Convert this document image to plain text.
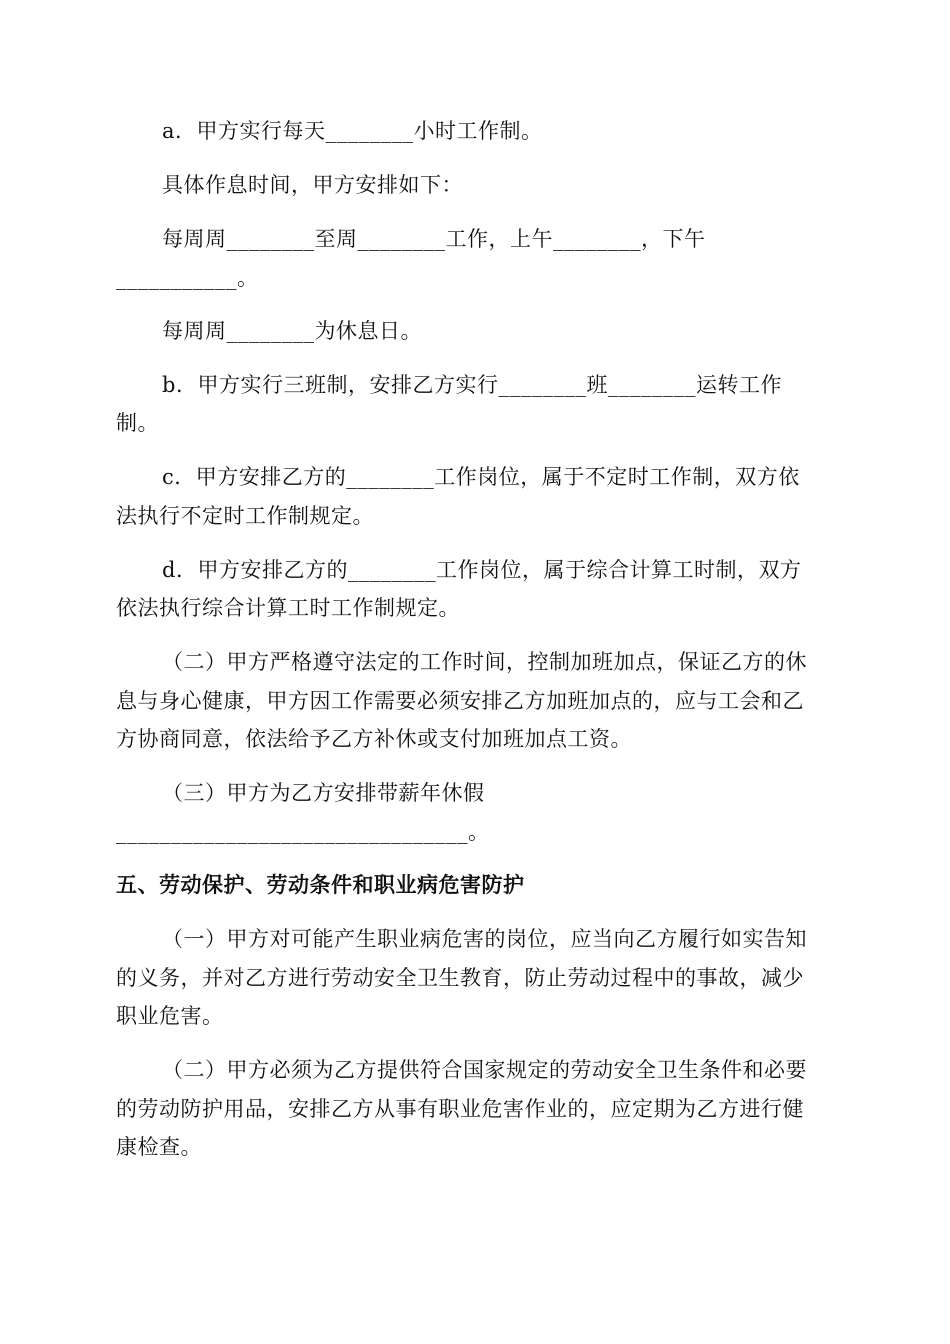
a．甲方实行每天________小时工作制。
具体作息时间，甲方安排如下：
每周周________至周________工作，上午________，下午
___________。
每周周________为休息日。
b．甲方实行三班制，安排乙方实行________班________运转工作
制。
c．甲方安排乙方的________工作岗位，属于不定时工作制，双方依
法执行不定时工作制规定。
d．甲方安排乙方的________工作岗位，属于综合计算工时制，双方
依法执行综合计算工时工作制规定。
（二）甲方严格遵守法定的工作时间，控制加班加点，保证乙方的休
息与身心健康，甲方因工作需要必须安排乙方加班加点的，应与工会和乙
方协商同意，依法给予乙方补休或支付加班加点工资。
（三）甲方为乙方安排带薪年休假
________________________________。
五、劳动保护、劳动条件和职业病危害防护
（一）甲方对可能产生职业病危害的岗位，应当向乙方履行如实告知
的义务，并对乙方进行劳动安全卫生教育，防止劳动过程中的事故，减少
职业危害。
（二）甲方必须为乙方提供符合国家规定的劳动安全卫生条件和必要
的劳动防护用品，安排乙方从事有职业危害作业的，应定期为乙方进行健
康检查。
